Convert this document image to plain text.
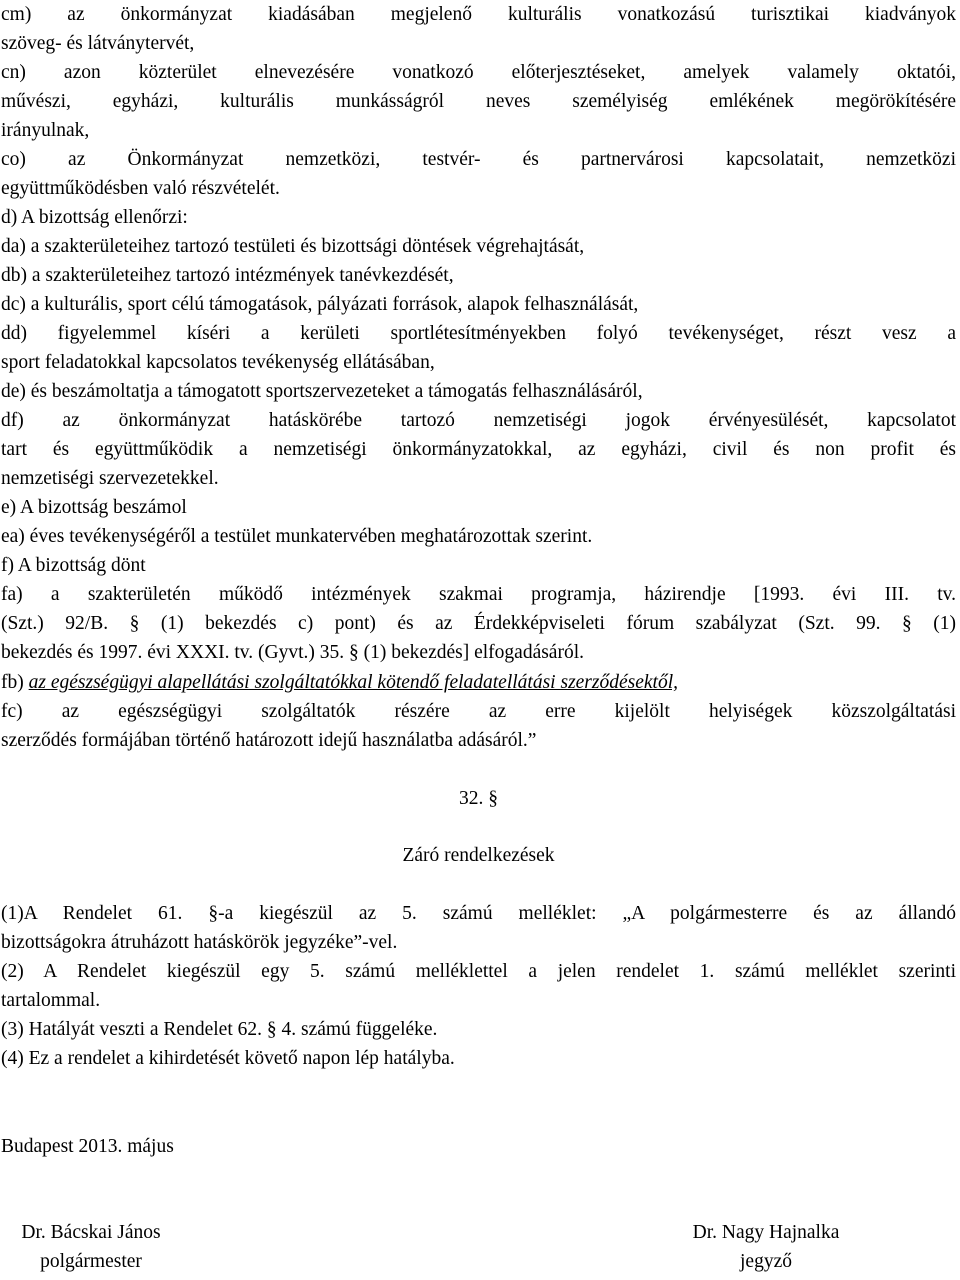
cm) az önkormányzat kiadásában megjelenő kulturális vonatkozású turisztikai kiadványok

szöveg- és látványtervét,

cn) azon közterület elnevezésére vonatkozó előterjesztéseket, amelyek valamely oktatói,

művészi, egyházi, kulturális munkásságról neves személyiség emlékének megörökítésére

irányulnak,

co) az Önkormányzat nemzetközi, testvér- és partnervárosi kapcsolatait, nemzetközi

együttműködésben való részvételét.

d) A bizottság ellenőrzi:

da) a szakterületeihez tartozó testületi és bizottsági döntések végrehajtását,

db) a szakterületeihez tartozó intézmények tanévkezdését,

dc) a kulturális, sport célú támogatások, pályázati források, alapok felhasználását,

dd) figyelemmel kíséri a kerületi sportlétesítményekben folyó tevékenységet, részt vesz a

sport feladatokkal kapcsolatos tevékenység ellátásában,

de) és beszámoltatja a támogatott sportszervezeteket a támogatás felhasználásáról,

df) az önkormányzat hatáskörébe tartozó nemzetiségi jogok érvényesülését, kapcsolatot

tart és együttműködik a nemzetiségi önkormányzatokkal, az egyházi, civil és non profit és

nemzetiségi szervezetekkel.

e) A bizottság beszámol

ea) éves tevékenységéről a testület munkatervében meghatározottak szerint.

f) A bizottság dönt

fa) a szakterületén működő intézmények szakmai programja, házirendje [1993. évi III. tv.

(Szt.) 92/B. § (1) bekezdés c) pont) és az Érdekképviseleti fórum szabályzat (Szt. 99. § (1)

bekezdés és 1997. évi XXXI. tv. (Gyvt.) 35. § (1) bekezdés] elfogadásáról.

fb) az egészségügyi alapellátási szolgáltatókkal kötendő feladatellátási szerződésektől,

fc) az egészségügyi szolgáltatók részére az erre kijelölt helyiségek közszolgáltatási

szerződés formájában történő határozott idejű használatba adásáról.”

32. §

Záró rendelkezések

(1)A Rendelet 61. §-a kiegészül az 5. számú melléklet: „A polgármesterre és az állandó

bizottságokra átruházott hatáskörök jegyzéke”-vel.

(2) A Rendelet kiegészül egy 5. számú melléklettel a jelen rendelet 1. számú melléklet szerinti

tartalommal.

(3) Hatályát veszti a Rendelet 62. § 4. számú függeléke.

(4) Ez a rendelet a kihirdetését követő napon lép hatályba.

Budapest 2013. május

Dr. Bácskai János
polgármester
Dr. Nagy Hajnalka
jegyző
